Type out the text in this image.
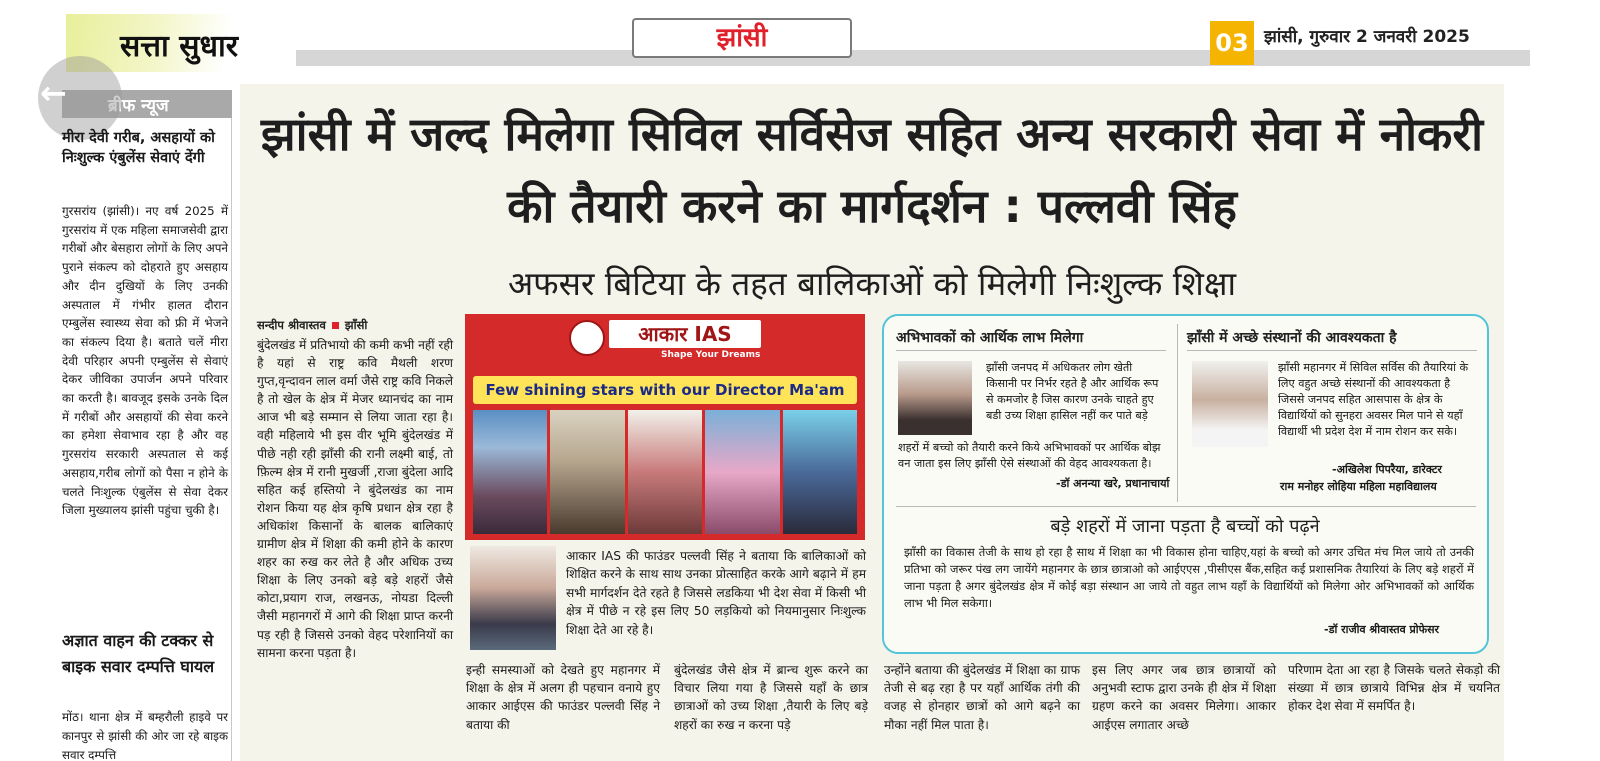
सत्ता सुधार	झांसी	03 झांसी, गुरुवार 2 जनवरी 2025
ब्रीफ न्यूज
←
मीरा देवी गरीब, असहायों को निःशुल्क एंबुलेंस सेवाएं देंगी
गुरसरांय (झांसी)। नए वर्ष 2025 में गुरसरांय में एक महिला समाजसेवी द्वारा गरीबों और बेसहारा लोगों के लिए अपने पुराने संकल्प को दोहराते हुए असहाय और दीन दुखियों के लिए उनकी अस्पताल में गंभीर हालत दौरान एम्बुलेंस स्वास्थ्य सेवा को फ्री में भेजने का संकल्प दिया है। बताते चलें मीरा देवी परिहार अपनी एम्बुलेंस से सेवाएं देकर जीविका उपार्जन अपने परिवार का करती है। बावजूद इसके उनके दिल में गरीबों और असहायों की सेवा करने का हमेशा सेवाभाव रहा है और वह गुरसरांय सरकारी अस्पताल से कई असहाय,गरीब लोगों को पैसा न होने के चलते निःशुल्क एंबुलेंस से सेवा देकर जिला मुख्यालय झांसी पहुंचा चुकी है।
अज्ञात वाहन की टक्कर से बाइक सवार दम्पत्ति घायल
मोंठ। थाना क्षेत्र में बम्हरौली हाइवे पर कानपुर से झांसी की ओर जा रहे बाइक सवार दम्पत्ति
झांसी में जल्द मिलेगा सिविल सर्विसेज सहित अन्य सरकारी सेवा में नोकरी की तैयारी करने का मार्गदर्शन : पल्लवी सिंह
अफसर बिटिया के तहत बालिकाओं को मिलेगी निःशुल्क शिक्षा
सन्दीप श्रीवास्तव झाँसी
बुंदेलखंड में प्रतिभायो की कमी कभी नहीं रही है यहां से राष्ट्र कवि मैथली शरण गुप्त,वृन्दावन लाल वर्मा जैसे राष्ट्र कवि निकले है तो खेल के क्षेत्र में मेजर ध्यानचंद का नाम आज भी बड़े सम्मान से लिया जाता रहा है। वही महिलाये भी इस वीर भूमि बुंदेलखंड में पीछे नही रही झाँसी की रानी लक्ष्मी बाई, तो फ़िल्म क्षेत्र में रानी मुखर्जी ,राजा बुंदेला आदि सहित कई हस्तियो ने बुंदेलखंड का नाम रोशन किया यह क्षेत्र कृषि प्रधान क्षेत्र रहा है अधिकांश किसानों के बालक बालिकाएं ग्रामीण क्षेत्र में शिक्षा की कमी होने के कारण शहर का रुख कर लेते है और अधिक उच्य शिक्षा के लिए उनको बड़े बड़े शहरों जैसे कोटा,प्रयाग राज, लखनऊ, नोयडा दिल्ली जैसी महानगरों में आगे की शिक्षा प्राप्त करनी पड़ रही है जिससे उनको वेहद परेशानियों का सामना करना पड़ता है।
आकार IAS
Shape Your Dreams
Few shining stars with our Director Ma'am
आकार IAS की फाउंडर पल्लवी सिंह ने बताया कि बालिकाओं को शिक्षित करने के साथ साथ उनका प्रोत्साहित करके आगे बढ़ाने में हम सभी मार्गदर्शन देते रहते है जिससे लडकिया भी देश सेवा में किसी भी क्षेत्र में पीछे न रहे इस लिए 50 लड़कियो को नियमानुसार निःशुल्क शिक्षा देते आ रहे है।
इन्ही समस्याओं को देखते हुए महानगर में शिक्षा के क्षेत्र में अलग ही पहचान वनाये हुए आकार आईएस की फाउंडर पल्लवी सिंह ने बताया की
बुंदेलखंड जैसे क्षेत्र में ब्रान्च शुरू करने का विचार लिया गया है जिससे यहाँ के छात्र छात्राओं को उच्य शिक्षा ,तैयारी के लिए बड़े शहरों का रुख न करना पड़े
अभिभावकों को आर्थिक लाभ मिलेगा	झाँसी में अच्छे संस्थानों की आवश्यकता है
झाँसी जनपद में अधिकतर लोग खेती किसानी पर निर्भर रहते है और आर्थिक रूप से कमजोर है जिस कारण उनके चाहते हुए बडी उच्य शिक्षा हासिल नहीं कर पाते बड़े
शहरों में बच्चो को तैयारी करने किये अभिभावकों पर आर्थिक बोझ वन जाता इस लिए झाँसी ऐसे संस्थाओं की वेहद आवश्यकता है।
-डॉ अनन्या खरे, प्रधानाचार्या
झाँसी महानगर में सिविल सर्विस की तैयारियां के लिए वहुत अच्छे संस्थानों की आवश्यकता है जिससे जनपद सहित आसपास के क्षेत्र के विद्यार्थियों को सुनहरा अवसर मिल पाने से यहाँ विद्यार्थी भी प्रदेश देश में नाम रोशन कर सके।
-अखिलेश पिपरैया, डारेक्टर
राम मनोहर लोहिया महिला महाविद्यालय
बड़े शहरों में जाना पड़ता है बच्चों को पढ़ने
झाँसी का विकास तेजी के साथ हो रहा है साथ में शिक्षा का भी विकास होना चाहिए,यहां के बच्चो को अगर उचित मंच मिल जाये तो उनकी प्रतिभा को जरूर पंख लग जायेंगे महानगर के छात्र छात्राओ को आईएएस ,पीसीएस बैंक,सहित कई प्रशासनिक तैयारियां के लिए बड़े शहरों में जाना पड़ता है अगर बुंदेलखंड क्षेत्र में कोई बड़ा संस्थान आ जाये तो वहुत लाभ यहाँ के विद्यार्थियों को मिलेगा ओर अभिभावकों को आर्थिक लाभ भी मिल सकेगा।
-डॉ राजीव श्रीवास्तव प्रोफेसर
उन्होंने बताया की बुंदेलखंड में शिक्षा का ग्राफ तेजी से बढ़ रहा है पर यहाँ आर्थिक तंगी की वजह से होनहार छात्रों को आगे बढ़ने का मौका नहीं मिल पाता है।
इस लिए अगर जब छात्र छात्रायों को अनुभवी स्टाफ द्वारा उनके ही क्षेत्र में शिक्षा ग्रहण करने का अवसर मिलेगा। आकार आईएस लगातार अच्छे
परिणाम देता आ रहा है जिसके चलते सेकड़ो की संख्या में छात्र छात्राये विभिन्न क्षेत्र में चयनित होकर देश सेवा में समर्पित है।
